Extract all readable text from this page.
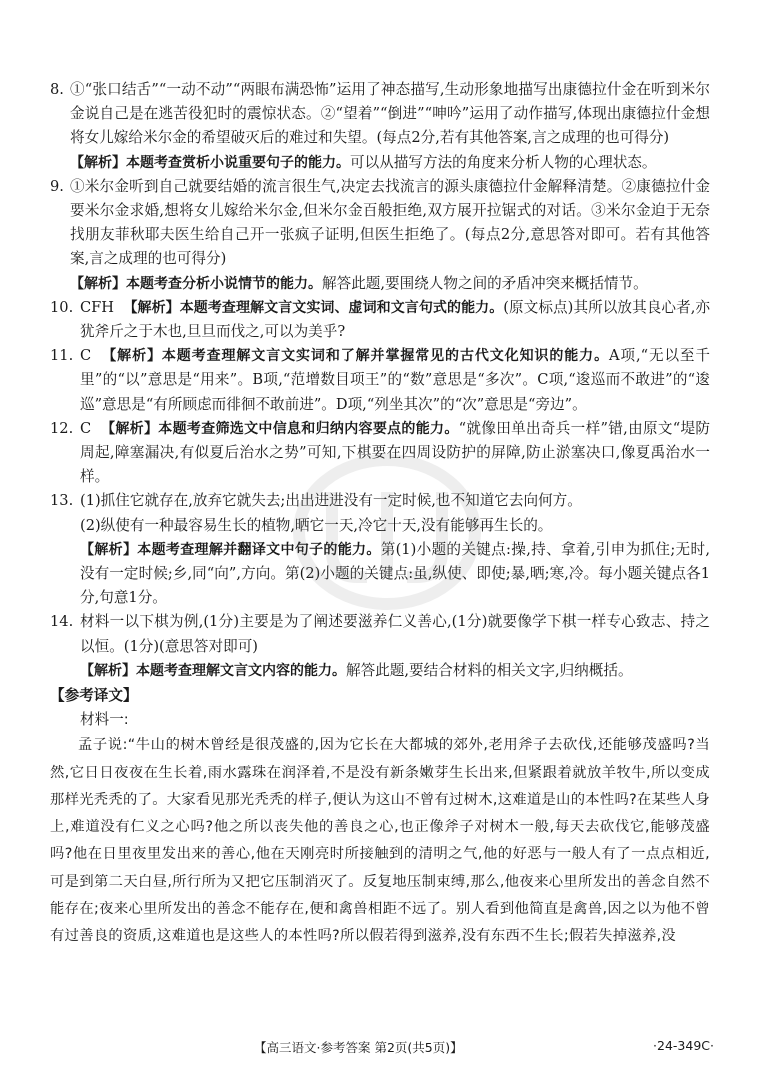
8. ①“张口结舌”“一动不动”“两眼布满恐怖”运用了神态描写,生动形象地描写出康德拉什金在听到米尔金说自己是在逃苦役犯时的震惊状态。②“望着”“倒进”“呻吟”运用了动作描写,体现出康德拉什金想将女儿嫁给米尔金的希望破灭后的难过和失望。(每点2分,若有其他答案,言之成理的也可得分)
【解析】本题考查赏析小说重要句子的能力。可以从描写方法的角度来分析人物的心理状态。
9. ①米尔金听到自己就要结婚的流言很生气,决定去找流言的源头康德拉什金解释清楚。②康德拉什金要米尔金求婚,想将女儿嫁给米尔金,但米尔金百般拒绝,双方展开拉锯式的对话。③米尔金迫于无奈找朋友菲秋耶夫医生给自己开一张疯子证明,但医生拒绝了。(每点2分,意思答对即可。若有其他答案,言之成理的也可得分)
【解析】本题考查分析小说情节的能力。解答此题,要围绕人物之间的矛盾冲突来概括情节。
10. CFH 【解析】本题考查理解文言文实词、虚词和文言句式的能力。(原文标点)其所以放其良心者,亦犹斧斤之于木也,旦旦而伐之,可以为美乎?
11. C 【解析】本题考查理解文言文实词和了解并掌握常见的古代文化知识的能力。A项,“无以至千里”的“以”意思是“用来”。B项,“范增数目项王”的“数”意思是“多次”。C项,“逡巡而不敢进”的“逡巡”意思是“有所顾虑而徘徊不敢前进”。D项,“列坐其次”的“次”意思是“旁边”。
12. C 【解析】本题考查筛选文中信息和归纳内容要点的能力。“就像田单出奇兵一样”错,由原文“堤防周起,障塞漏决,有似夏后治水之势”可知,下棋要在四周设防护的屏障,防止淤塞决口,像夏禹治水一样。
13. (1)抓住它就存在,放弃它就失去;出出进进没有一定时候,也不知道它去向何方。
(2)纵使有一种最容易生长的植物,晒它一天,冷它十天,没有能够再生长的。
【解析】本题考查理解并翻译文中句子的能力。第(1)小题的关键点:操,持、拿着,引申为抓住;无时,没有一定时候;乡,同“向”,方向。第(2)小题的关键点:虽,纵使、即使;暴,晒;寒,冷。每小题关键点各1分,句意1分。
14. 材料一以下棋为例,(1分)主要是为了阐述要滋养仁义善心,(1分)就要像学下棋一样专心致志、持之以恒。(1分)(意思答对即可)
【解析】本题考查理解文言文内容的能力。解答此题,要结合材料的相关文字,归纳概括。
【参考译文】
材料一:
孟子说:“牛山的树木曾经是很茂盛的,因为它长在大都城的郊外,老用斧子去砍伐,还能够茂盛吗?当然,它日日夜夜在生长着,雨水露珠在润泽着,不是没有新条嫩芽生长出来,但紧跟着就放羊牧牛,所以变成那样光秃秃的了。大家看见那光秃秃的样子,便认为这山不曾有过树木,这难道是山的本性吗?在某些人身上,难道没有仁义之心吗?他之所以丧失他的善良之心,也正像斧子对树木一般,每天去砍伐它,能够茂盛吗?他在日里夜里发出来的善心,他在天刚亮时所接触到的清明之气,他的好恶与一般人有了一点点相近,可是到第二天白昼,所行所为又把它压制消灭了。反复地压制束缚,那么,他夜来心里所发出的善念自然不能存在;夜来心里所发出的善念不能存在,便和禽兽相距不远了。别人看到他简直是禽兽,因之以为他不曾有过善良的资质,这难道也是这些人的本性吗?所以假若得到滋养,没有东西不生长;假若失掉滋养,没
【高三语文·参考答案 第2页(共5页)】	·24-349C·
